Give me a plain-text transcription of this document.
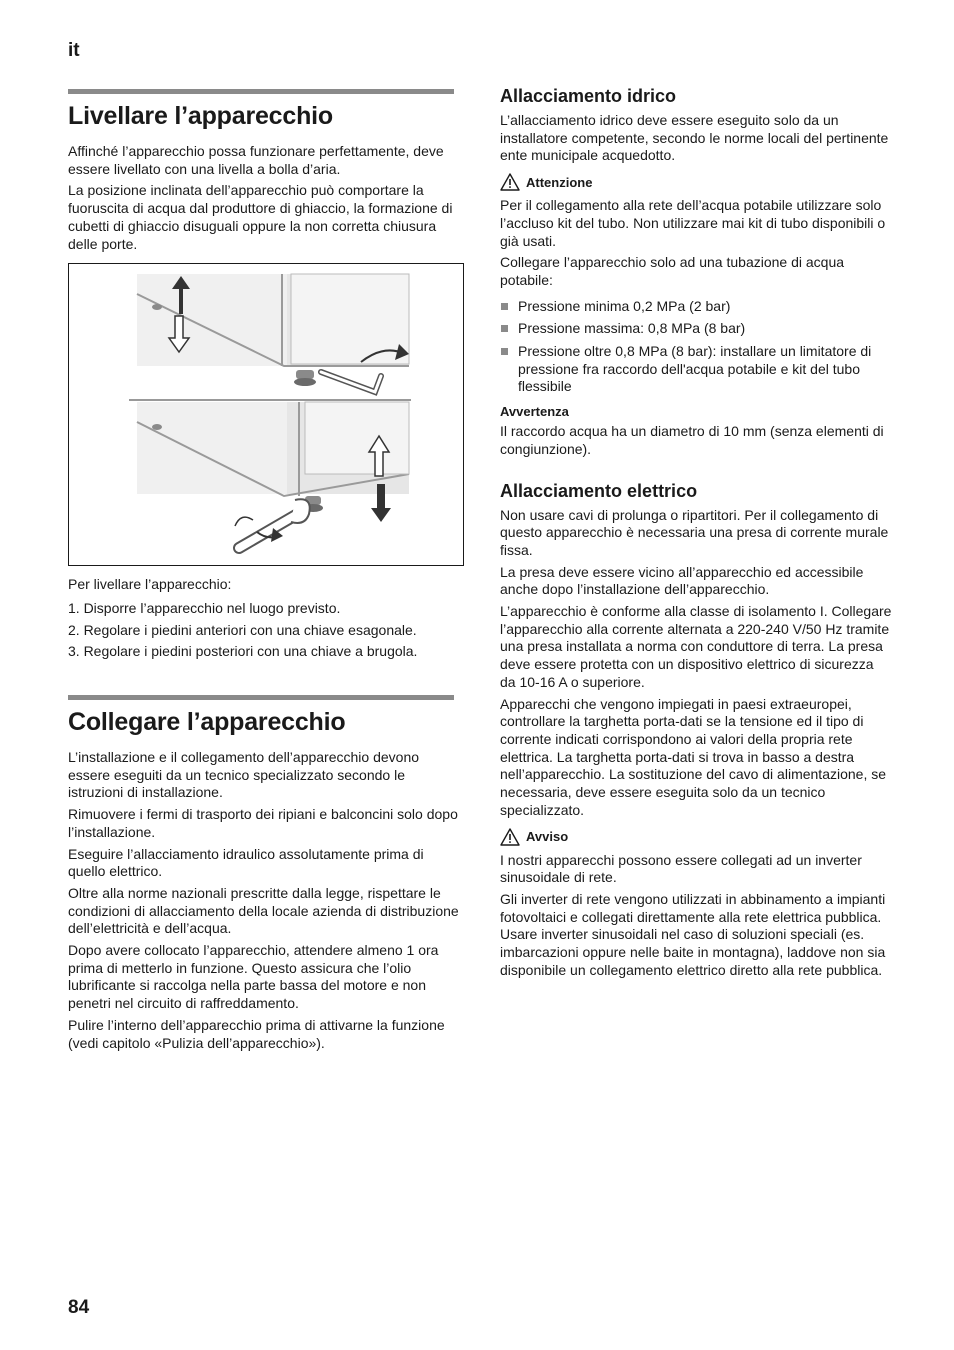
it
Livellare l’apparecchio

Affinché l’apparecchio possa funzionare perfettamente, deve essere livellato con una livella a bolla d’aria.

La posizione inclinata dell’apparecchio può comportare la fuoruscita di acqua dal produttore di ghiaccio, la formazione di cubetti di ghiaccio disuguali oppure la non corretta chiusura delle porte.

Per livellare l’apparecchio:

1. Disporre l’apparecchio nel luogo previsto.
2. Regolare i piedini anteriori con una chiave esagonale.
3. Regolare i piedini posteriori con una chiave a brugola.
Collegare l’apparecchio

L’installazione e il collegamento dell’apparecchio devono essere eseguiti da un tecnico specializzato secondo le istruzioni di installazione.

Rimuovere i fermi di trasporto dei ripiani e balconcini solo dopo l’installazione.

Eseguire l’allacciamento idraulico assolutamente prima di quello elettrico.

Oltre alla norme nazionali prescritte dalla legge, rispettare le condizioni di allacciamento della locale azienda di distribuzione dell’elettricità e dell’acqua.

Dopo avere collocato l’apparecchio, attendere almeno 1 ora prima di metterlo in funzione. Questo assicura che l’olio lubrificante si raccolga nella parte bassa del motore e non penetri nel circuito di raffreddamento.

Pulire l’interno dell’apparecchio prima di attivarne la funzione (vedi capitolo «Pulizia dell’apparecchio»).

Allacciamento idrico

L’allacciamento idrico deve essere eseguito solo da un installatore competente, secondo le norme locali del pertinente ente municipale acquedotto.

Attenzione

Per il collegamento alla rete dell’acqua potabile utilizzare solo l’accluso kit del tubo. Non utilizzare mai kit di tubo disponibili o già usati.

Collegare l’apparecchio solo ad una tubazione di acqua potabile:

Pressione minima 0,2 MPa (2 bar)
Pressione massima: 0,8 MPa (8 bar)
Pressione oltre 0,8 MPa (8 bar): installare un limitatore di pressione fra raccordo dell'acqua potabile e kit del tubo flessibile
Avvertenza

Il raccordo acqua ha un diametro di 10 mm (senza elementi di congiunzione).

Allacciamento elettrico

Non usare cavi di prolunga o ripartitori. Per il collegamento di questo apparecchio è necessaria una presa di corrente murale fissa.

La presa deve essere vicino all’apparecchio ed accessibile anche dopo l’installazione dell’apparecchio.

L’apparecchio è conforme alla classe di isolamento I. Collegare l’apparecchio alla corrente alternata a 220-240 V/50 Hz tramite una presa installata a norma con conduttore di terra. La presa deve essere protetta con un dispositivo elettrico di sicurezza da 10-16 A o superiore.

Apparecchi che vengono impiegati in paesi extraeuropei, controllare la targhetta porta-dati se la tensione ed il tipo di corrente indicati corrispondono ai valori della propria rete elettrica. La targhetta porta-dati si trova in basso a destra nell’apparecchio. La sostituzione del cavo di alimentazione, se necessaria, deve essere eseguita solo da un tecnico specializzato.

Avviso

I nostri apparecchi possono essere collegati ad un inverter sinusoidale di rete.

Gli inverter di rete vengono utilizzati in abbinamento a impianti fotovoltaici e collegati direttamente alla rete elettrica pubblica. Usare inverter sinusoidali nel caso di soluzioni speciali (es. imbarcazioni oppure nelle baite in montagna), laddove non sia disponibile un collegamento elettrico diretto alla rete pubblica.

84
